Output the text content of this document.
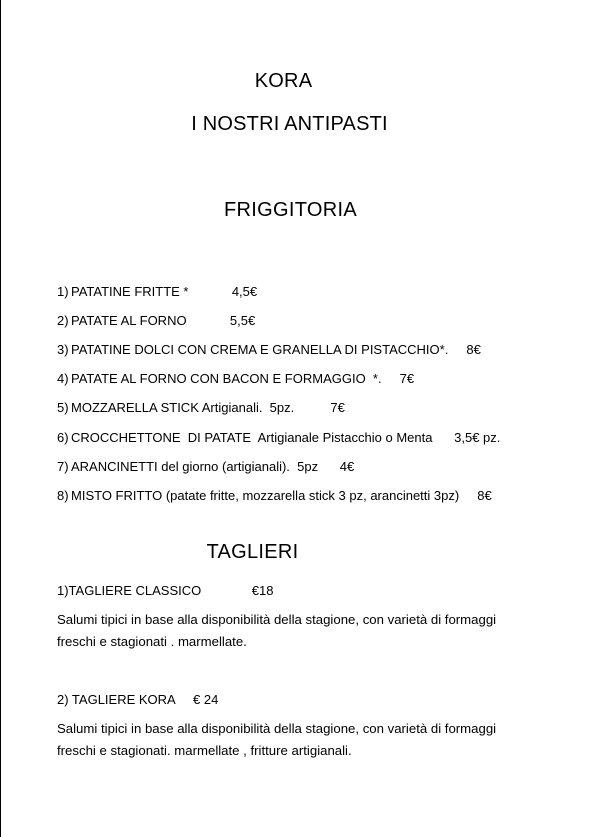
KORA
I NOSTRI ANTIPASTI
FRIGGITORIA
1) PATATINE FRITTE *            4,5€
2) PATATE AL FORNO            5,5€
3) PATATINE DOLCI CON CREMA E GRANELLA DI PISTACCHIO*.     8€
4) PATATE AL FORNO CON BACON E FORMAGGIO  *.     7€
5) MOZZARELLA STICK Artigianali.  5pz.          7€
6) CROCCHETTONE  DI PATATE  Artigianale Pistacchio o Menta      3,5€ pz.
7) ARANCINETTI del giorno (artigianali).  5pz      4€
8) MISTO FRITTO (patate fritte, mozzarella stick 3 pz, arancinetti 3pz)     8€
TAGLIERI
1)TAGLIERE CLASSICO              €18
Salumi tipici in base alla disponibilità della stagione, con varietà di formaggi freschi e stagionati . marmellate.
2) TAGLIERE KORA     € 24
Salumi tipici in base alla disponibilità della stagione, con varietà di formaggi freschi e stagionati. marmellate , fritture artigianali.
